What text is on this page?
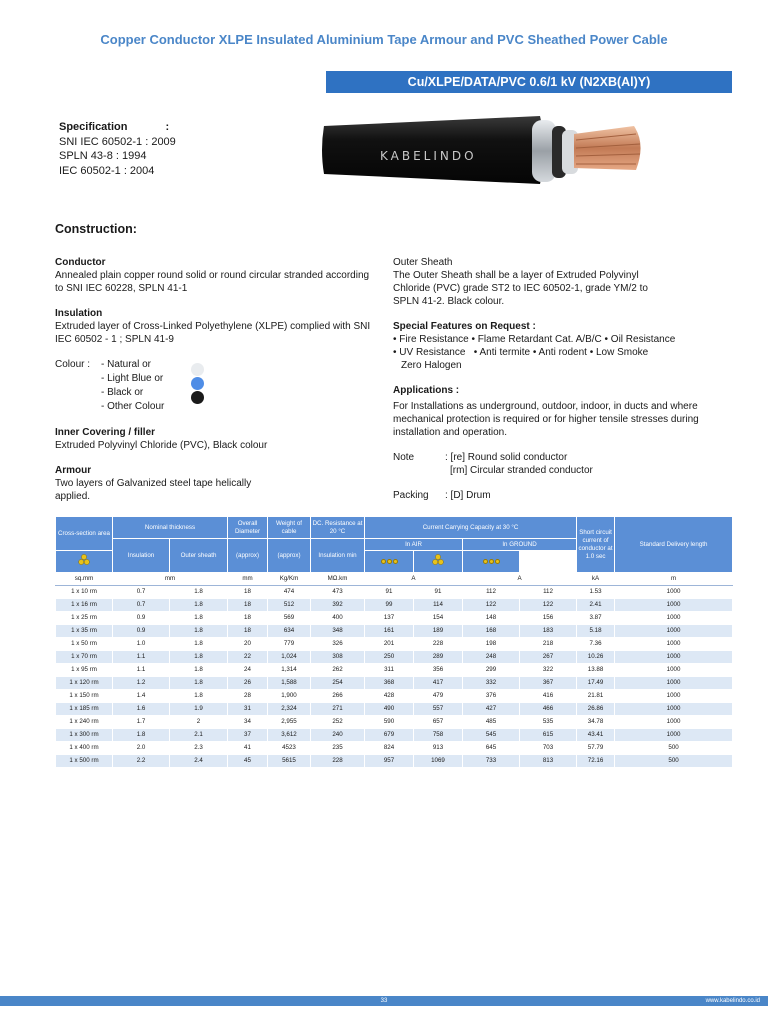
Copper Conductor XLPE Insulated Aluminium Tape Armour and PVC Sheathed Power Cable
Cu/XLPE/DATA/PVC 0.6/1 kV (N2XB(Al)Y)
Specification	:
SNI IEC 60502-1 : 2009
SPLN 43-8 : 1994
IEC 60502-1 : 2004
KABELINDO
Construction:
Conductor
Annealed plain copper round solid or round circular stranded according to SNI IEC 60228, SPLN 41-1
Insulation
Extruded layer of Cross-Linked Polyethylene (XLPE) complied with SNI IEC 60502 - 1 ; SPLN 41-9
Colour :	- Natural or
- Light Blue or
- Black or
- Other Colour
Inner Covering / filler
Extruded Polyvinyl Chloride (PVC), Black colour
Armour
Two layers of Galvanized steel tape helically applied.
Outer Sheath
The Outer Sheath shall be a layer of Extruded Polyvinyl Chloride (PVC) grade ST2 to IEC 60502-1, grade YM/2 to SPLN 41-2. Black colour.
Special Features on Request :
• Fire Resistance • Flame Retardant Cat. A/B/C • Oil Resistance
• UV Resistance   • Anti termite • Anti rodent • Low Smoke
Zero Halogen
Applications :
For Installations as underground, outdoor, indoor, in ducts and where mechanical protection is required or for higher tensile stresses during installation and operation.
Note	: [re] Round solid conductor
[rm] Circular stranded conductor
Packing	: [D] Drum
Cross-section area	Nominal thickness		Overall Diameter	Weight of cable	DC. Resistance at 20 °C	Current Carrying Capacity at 30 °C				Short circuit current of conductor at 1.0 sec	Standard Delivery length
	Insulation	Outer sheath	(approx)	(approx)	Insulation min	In AIR		In GROUND			

sq.mm	mm		mm	Kg/Km	MΩ.km	A		A		kA	m
1 x 10 rm	0.7	1.8	18	474	473	91	91	112	112	1.53	1000
1 x 16 rm	0.7	1.8	18	512	392	99	114	122	122	2.41	1000
1 x 25 rm	0.9	1.8	18	569	400	137	154	148	156	3.87	1000
1 x 35 rm	0.9	1.8	18	634	348	161	189	168	183	5.18	1000
1 x 50 rm	1.0	1.8	20	779	326	201	228	198	218	7.36	1000
1 x 70 rm	1.1	1.8	22	1,024	308	250	289	248	267	10.26	1000
1 x 95 rm	1.1	1.8	24	1,314	262	311	356	299	322	13.88	1000
1 x 120 rm	1.2	1.8	26	1,588	254	368	417	332	367	17.49	1000
1 x 150 rm	1.4	1.8	28	1,900	266	428	479	376	416	21.81	1000
1 x 185 rm	1.6	1.9	31	2,324	271	490	557	427	466	26.86	1000
1 x 240 rm	1.7	2	34	2,955	252	590	657	485	535	34.78	1000
1 x 300 rm	1.8	2.1	37	3,612	240	679	758	545	615	43.41	1000
1 x 400 rm	2.0	2.3	41	4523	235	824	913	645	703	57.79	500
1 x 500 rm	2.2	2.4	45	5615	228	957	1069	733	813	72.16	500
33	www.kabelindo.co.id
